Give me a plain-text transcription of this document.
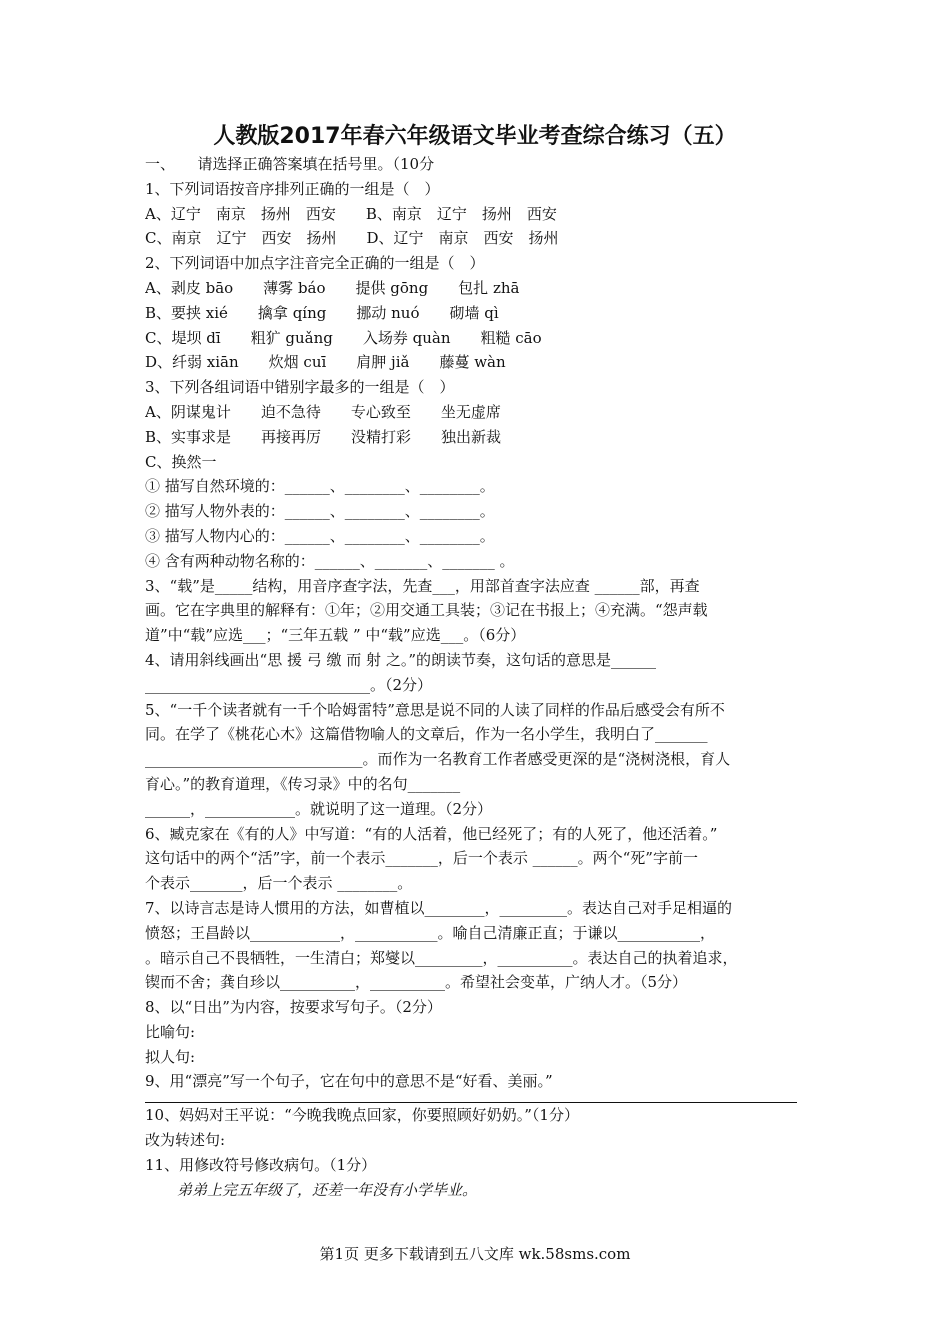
人教版2017年春六年级语文毕业考查综合练习（五）
一、　　请选择正确答案填在括号里。（10分
1、下列词语按音序排列正确的一组是（　）
A、辽宁　南京　扬州　西安　　B、南京　辽宁　扬州　西安
C、南京　辽宁　西安　扬州　　D、辽宁　南京　西安　扬州
2、下列词语中加点字注音完全正确的一组是（　）
A、剥皮 bāo　　薄雾 báo　　提供 gōng　　包扎 zhā
B、要挟 xié　　擒拿 qíng　　挪动 nuó　　砌墙 qì
C、堤坝 dī　　粗犷 guǎng　　入场券 quàn　　粗糙 cāo
D、纤弱 xiān　　炊烟 cuī　　肩胛 jiǎ　　藤蔓 wàn
3、下列各组词语中错别字最多的一组是（　）
A、阴谋鬼计　　迫不急待　　专心致至　　坐无虚席
B、实事求是　　再接再厉　　没精打彩　　独出新裁
C、换然一
① 描写自然环境的：______、________、________。
② 描写人物外表的：______、________、________。
③ 描写人物内心的：______、________、________。
④ 含有两种动物名称的：______、_______、_______ 。
3、“载”是_____结构，用音序查字法，先查___，用部首查字法应查 ______部，再查
画。它在字典里的解释有：①年；②用交通工具装；③记在书报上；④充满。“怨声载
道”中“载”应选___；“三年五载 ” 中“载”应选___。（6分）
4、请用斜线画出“思 援 弓 缴 而 射 之。”的朗读节奏，这句话的意思是______
______________________________。（2分）
5、“一千个读者就有一千个哈姆雷特”意思是说不同的人读了同样的作品后感受会有所不
同。在学了《桃花心木》这篇借物喻人的文章后，作为一名小学生，我明白了_______
_____________________________。而作为一名教育工作者感受更深的是“浇树浇根，育人
育心。”的教育道理，《传习录》中的名句_______
______，____________。就说明了这一道理。（2分）
6、臧克家在《有的人》中写道：“有的人活着，他已经死了；有的人死了，他还活着。”
这句话中的两个“活”字，前一个表示_______，后一个表示 ______。两个“死”字前一
个表示_______，后一个表示 ________。
7、以诗言志是诗人惯用的方法，如曹植以________，_________。表达自己对手足相逼的
愤怒；王昌龄以____________，___________。喻自己清廉正直；于谦以___________，
。暗示自己不畏牺牲，一生清白；郑燮以_________，__________。表达自己的执着追求，
锲而不舍；龚自珍以__________，__________。希望社会变革，广纳人才。（5分）
8、以“日出”为内容，按要求写句子。（2分）
比喻句:
拟人句:
9、用“漂亮”写一个句子，它在句中的意思不是“好看、美丽。”
10、妈妈对王平说：“今晚我晚点回家，你要照顾好奶奶。”（1分）
改为转述句:
11、用修改符号修改病句。（1分）
弟弟上完五年级了，还差一年没有小学毕业。
第1页 更多下载请到五八文库 wk.58sms.com
